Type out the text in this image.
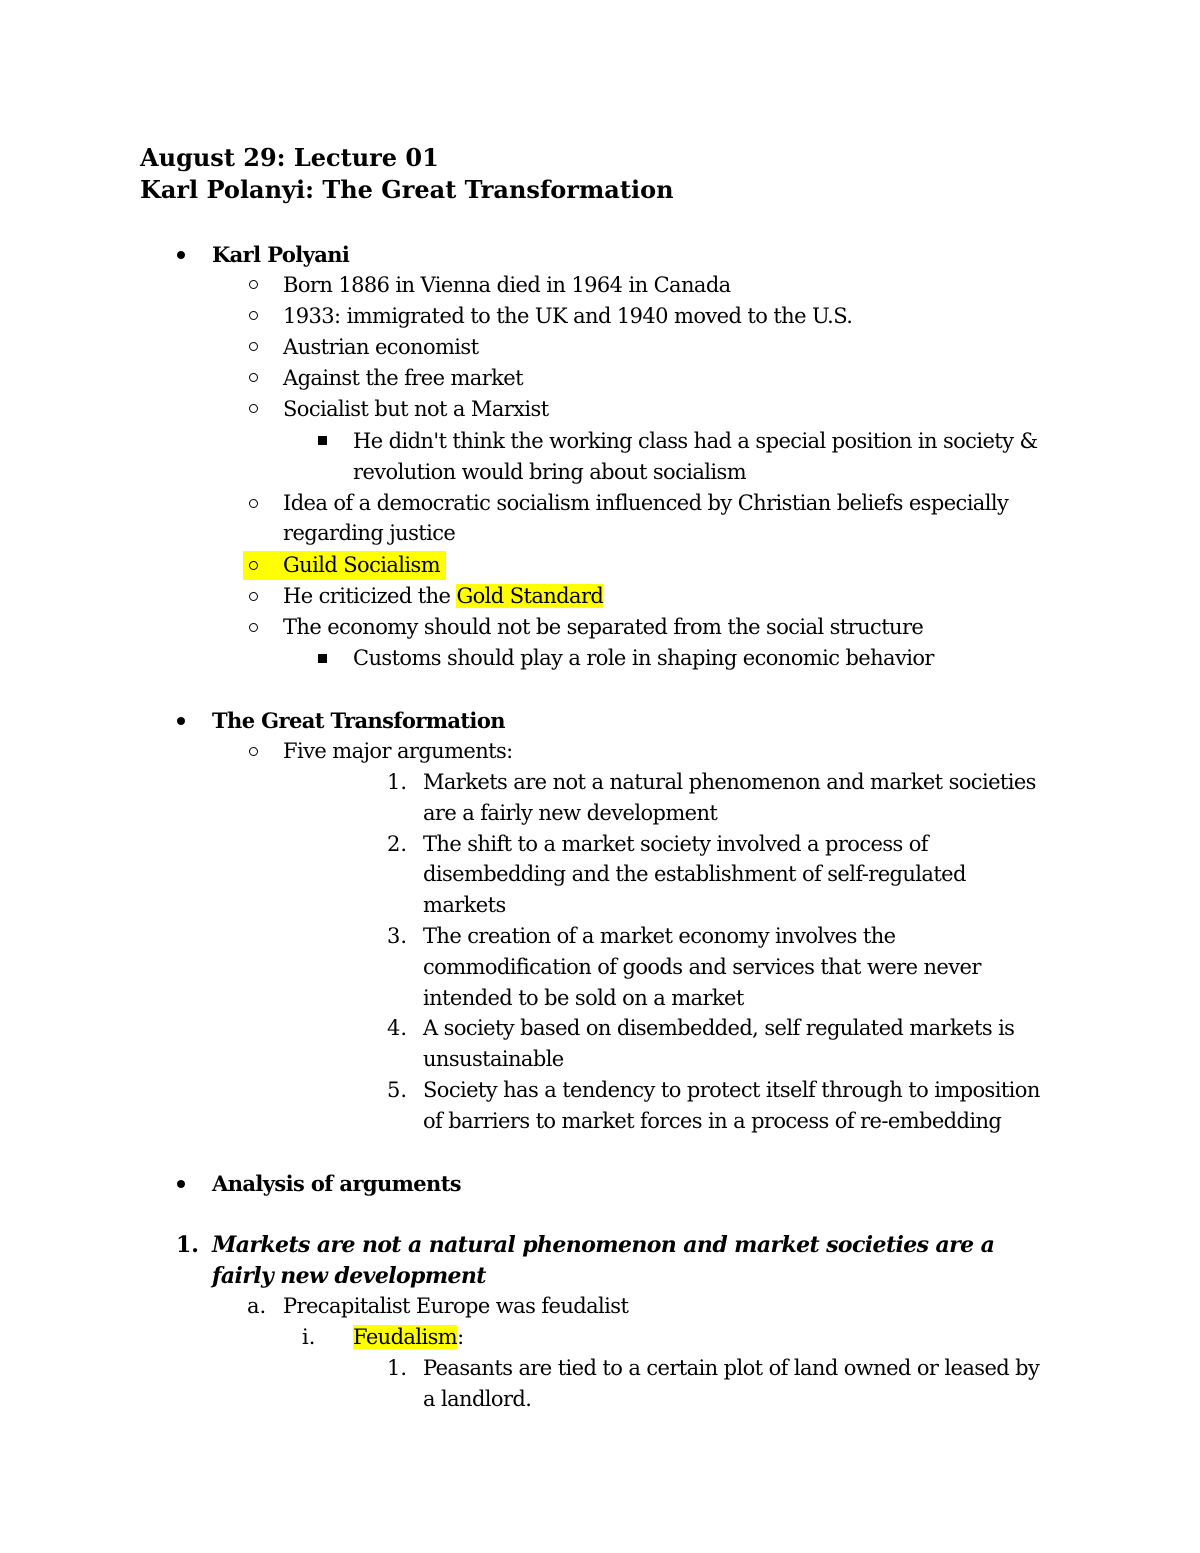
August 29: Lecture 01
Karl Polanyi: The Great Transformation
Karl Polyani
Born 1886 in Vienna died in 1964 in Canada
1933: immigrated to the UK and 1940 moved to the U.S.
Austrian economist
Against the free market
Socialist but not a Marxist
He didn't think the working class had a special position in society &
revolution would bring about socialism
Idea of a democratic socialism influenced by Christian beliefs especially
regarding justice
Guild Socialism
He criticized the Gold Standard
The economy should not be separated from the social structure
Customs should play a role in shaping economic behavior
The Great Transformation
Five major arguments:
1. Markets are not a natural phenomenon and market societies
are a fairly new development
2. The shift to a market society involved a process of
disembedding and the establishment of self-regulated
markets
3. The creation of a market economy involves the
commodification of goods and services that were never
intended to be sold on a market
4. A society based on disembedded, self regulated markets is
unsustainable
5. Society has a tendency to protect itself through to imposition
of barriers to market forces in a process of re-embedding
Analysis of arguments
1. Markets are not a natural phenomenon and market societies are a
fairly new development
a. Precapitalist Europe was feudalist
i. Feudalism:
1. Peasants are tied to a certain plot of land owned or leased by
a landlord.
